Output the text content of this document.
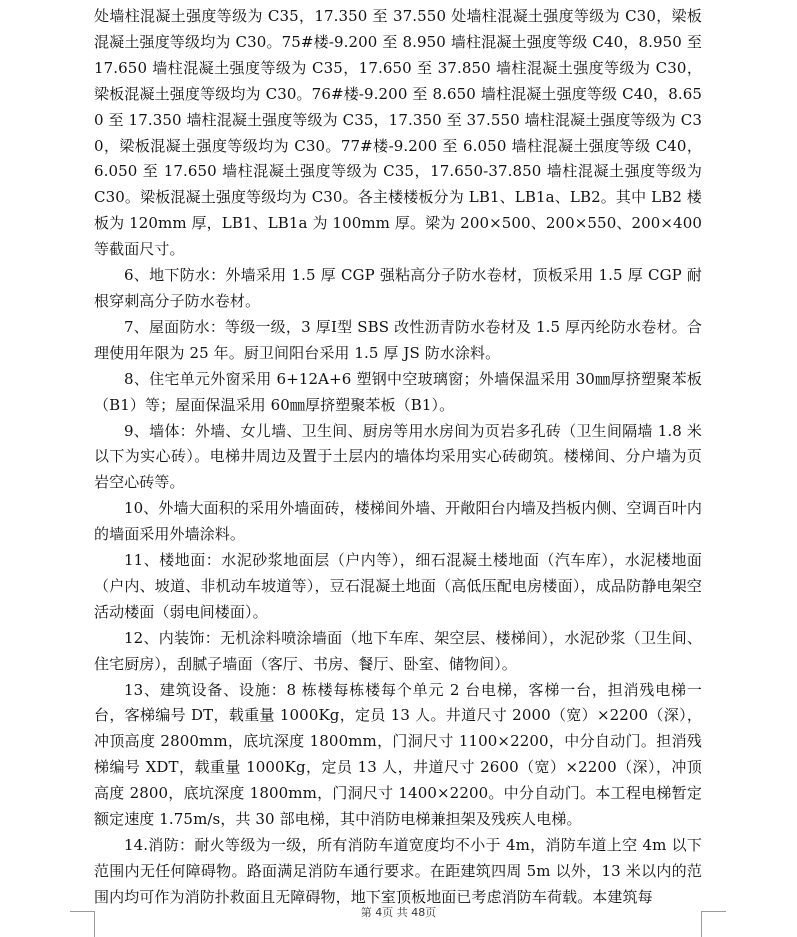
处墙柱混凝土强度等级为 C35，17.350 至 37.550 处墙柱混凝土强度等级为 C30，梁板混凝土强度等级均为 C30。75#楼-9.200 至 8.950 墙柱混凝土强度等级 C40，8.950 至 17.650 墙柱混凝土强度等级为 C35，17.650 至 37.850 墙柱混凝土强度等级为 C30，梁板混凝土强度等级均为 C30。76#楼-9.200 至 8.650 墙柱混凝土强度等级 C40，8.650 至 17.350 墙柱混凝土强度等级为 C35，17.350 至 37.550 墙柱混凝土强度等级为 C30，梁板混凝土强度等级均为 C30。77#楼-9.200 至 6.050 墙柱混凝土强度等级 C40，6.050 至 17.650 墙柱混凝土强度等级为 C35，17.650-37.850 墙柱混凝土强度等级为 C30。梁板混凝土强度等级均为 C30。各主楼楼板分为 LB1、LB1a、LB2。其中 LB2 楼板为 120mm 厚，LB1、LB1a 为 100mm 厚。梁为 200×500、200×550、200×400 等截面尺寸。

6、地下防水：外墙采用 1.5 厚 CGP 强粘高分子防水卷材，顶板采用 1.5 厚 CGP 耐根穿刺高分子防水卷材。

7、屋面防水：等级一级，3 厚Ⅰ型 SBS 改性沥青防水卷材及 1.5 厚丙纶防水卷材。合理使用年限为 25 年。厨卫间阳台采用 1.5 厚 JS 防水涂料。

8、住宅单元外窗采用 6+12A+6 塑钢中空玻璃窗；外墙保温采用 30㎜厚挤塑聚苯板（B1）等；屋面保温采用 60㎜厚挤塑聚苯板（B1）。

9、墙体：外墙、女儿墙、卫生间、厨房等用水房间为页岩多孔砖（卫生间隔墙 1.8 米以下为实心砖）。电梯井周边及置于土层内的墙体均采用实心砖砌筑。楼梯间、分户墙为页岩空心砖等。

10、外墙大面积的采用外墙面砖，楼梯间外墙、开敞阳台内墙及挡板内侧、空调百叶内的墙面采用外墙涂料。

11、楼地面：水泥砂浆地面层（户内等），细石混凝土楼地面（汽车库），水泥楼地面（户内、坡道、非机动车坡道等），豆石混凝土地面（高低压配电房楼面），成品防静电架空活动楼面（弱电间楼面）。

12、内装饰：无机涂料喷涂墙面（地下车库、架空层、楼梯间），水泥砂浆（卫生间、住宅厨房），刮腻子墙面（客厅、书房、餐厅、卧室、储物间）。

13、建筑设备、设施：8 栋楼每栋楼每个单元 2 台电梯，客梯一台，担消残电梯一台，客梯编号 DT，载重量 1000Kg，定员 13 人。井道尺寸 2000（宽）×2200（深），冲顶高度 2800mm，底坑深度 1800mm，门洞尺寸 1100×2200，中分自动门。担消残梯编号 XDT，载重量 1000Kg，定员 13 人，井道尺寸 2600（宽）×2200（深），冲顶高度 2800，底坑深度 1800mm，门洞尺寸 1400×2200。中分自动门。本工程电梯暂定额定速度 1.75m/s，共 30 部电梯，其中消防电梯兼担架及残疾人电梯。

14.消防：耐火等级为一级，所有消防车道宽度均不小于 4m，消防车道上空 4m 以下范围内无任何障碍物。路面满足消防车通行要求。在距建筑四周 5m 以外，13 米以内的范围内均可作为消防扑救面且无障碍物，地下室顶板地面已考虑消防车荷载。本建筑每

第 4页 共 48页
